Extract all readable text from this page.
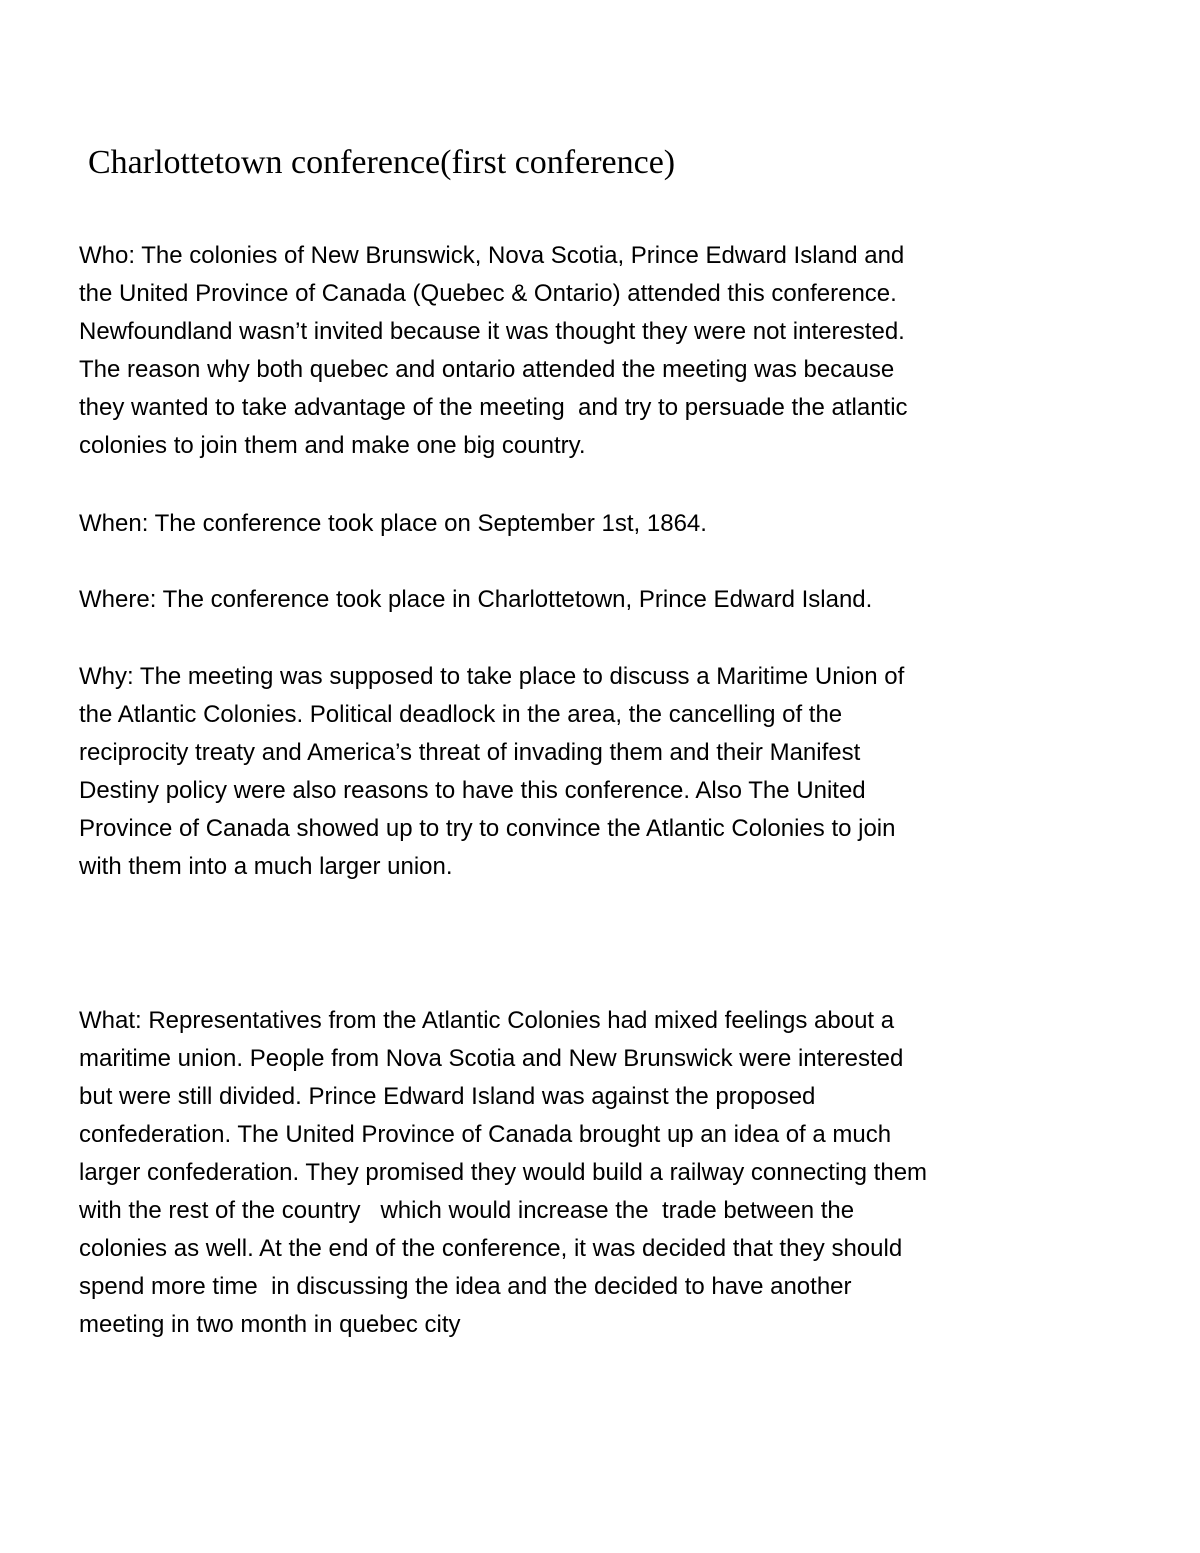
Charlottetown conference(first conference)
Who: The colonies of New Brunswick, Nova Scotia, Prince Edward Island and
the United Province of Canada (Quebec & Ontario) attended this conference.
Newfoundland wasn’t invited because it was thought they were not interested.
The reason why both quebec and ontario attended the meeting was because
they wanted to take advantage of the meeting  and try to persuade the atlantic
colonies to join them and make one big country.
When: The conference took place on September 1st, 1864.
Where: The conference took place in Charlottetown, Prince Edward Island.
Why: The meeting was supposed to take place to discuss a Maritime Union of
the Atlantic Colonies. Political deadlock in the area, the cancelling of the
reciprocity treaty and America’s threat of invading them and their Manifest
Destiny policy were also reasons to have this conference. Also The United
Province of Canada showed up to try to convince the Atlantic Colonies to join
with them into a much larger union.
What: Representatives from the Atlantic Colonies had mixed feelings about a
maritime union. People from Nova Scotia and New Brunswick were interested
but were still divided. Prince Edward Island was against the proposed
confederation. The United Province of Canada brought up an idea of a much
larger confederation. They promised they would build a railway connecting them
with the rest of the country   which would increase the  trade between the
colonies as well. At the end of the conference, it was decided that they should
spend more time  in discussing the idea and the decided to have another
meeting in two month in quebec city
